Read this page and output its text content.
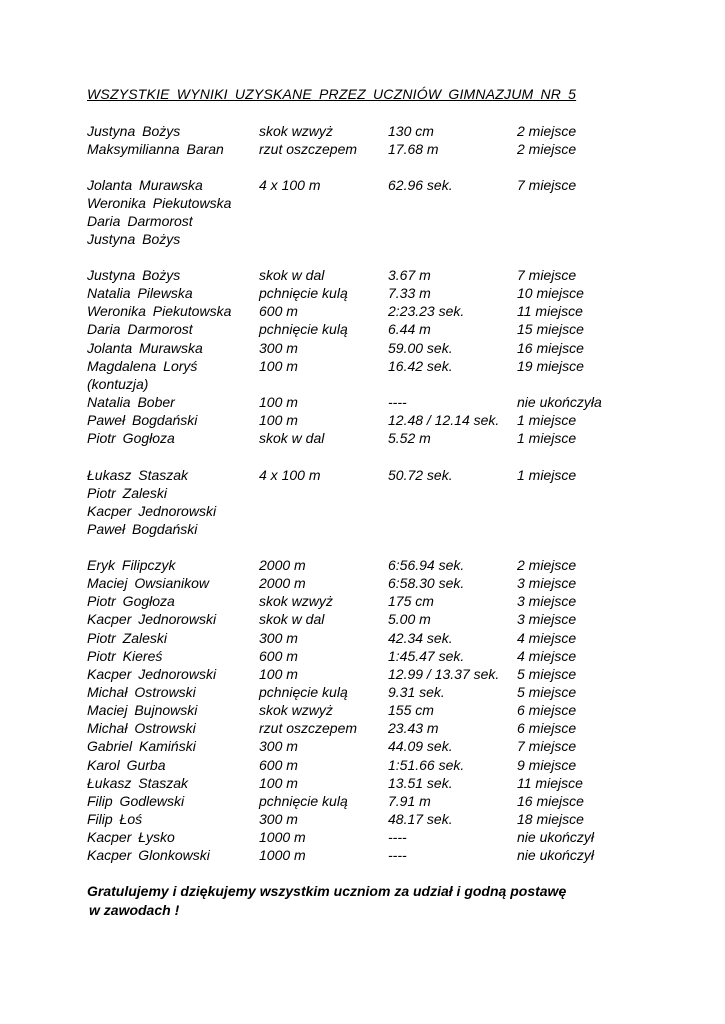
WSZYSTKIE WYNIKI UZYSKANE PRZEZ UCZNIÓW GIMNAZJUM NR 5
Justyna Bożys	skok wzwyż	130 cm	2 miejsce
Maksymilianna Baran	rzut oszczepem 17.68 m	2 miejsce
Jolanta Murawska	4 x 100 m	62.96 sek.	7 miejsce
Weronika Piekutowska
Daria Darmorost
Justyna Bożys
Justyna Bożys	skok w dal	3.67 m	7 miejsce
Natalia Pilewska	pchnięcie kulą	7.33 m	10 miejsce
Weronika Piekutowska 600 m	2:23.23 sek.	11 miejsce
Daria Darmorost	pchnięcie kulą	6.44 m	15 miejsce
Jolanta Murawska	300 m	59.00 sek.	16 miejsce
Magdalena Loryś	100 m	16.42 sek.	19 miejsce
(kontuzja)
Natalia Bober	100 m	----	nie ukończyła
Paweł Bogdański	100 m	12.48 / 12.14 sek. 1 miejsce
Piotr Gogłoza	skok w dal	5.52 m	1 miejsce
Łukasz Staszak	4 x 100 m	50.72 sek.	1 miejsce
Piotr Zaleski
Kacper Jednorowski
Paweł Bogdański
Eryk Filipczyk	2000 m	6:56.94 sek.	2 miejsce
Maciej Owsianikow	2000 m	6:58.30 sek.	3 miejsce
Piotr Gogłoza	skok wzwyż	175 cm	3 miejsce
Kacper Jednorowski	skok w dal	5.00 m	3 miejsce
Piotr Zaleski	300 m	42.34 sek.	4 miejsce
Piotr Kiereś	600 m	1:45.47 sek.	4 miejsce
Kacper Jednorowski	100 m	12.99 / 13.37 sek. 5 miejsce
Michał Ostrowski	pchnięcie kulą	9.31 sek.	5 miejsce
Maciej Bujnowski	skok wzwyż	155 cm	6 miejsce
Michał Ostrowski	rzut oszczepem 23.43 m	6 miejsce
Gabriel Kamiński	300 m	44.09 sek.	7 miejsce
Karol Gurba	600 m	1:51.66 sek.	9 miejsce
Łukasz Staszak	100 m	13.51 sek.	11 miejsce
Filip Godlewski	pchnięcie kulą	7.91 m	16 miejsce
Filip Łoś	300 m	48.17 sek.	18 miejsce
Kacper Łysko	1000 m	----	nie ukończył
Kacper Glonkowski	1000 m	----	nie ukończył
Gratulujemy i dziękujemy wszystkim uczniom za udział i godną postawę
w zawodach !
